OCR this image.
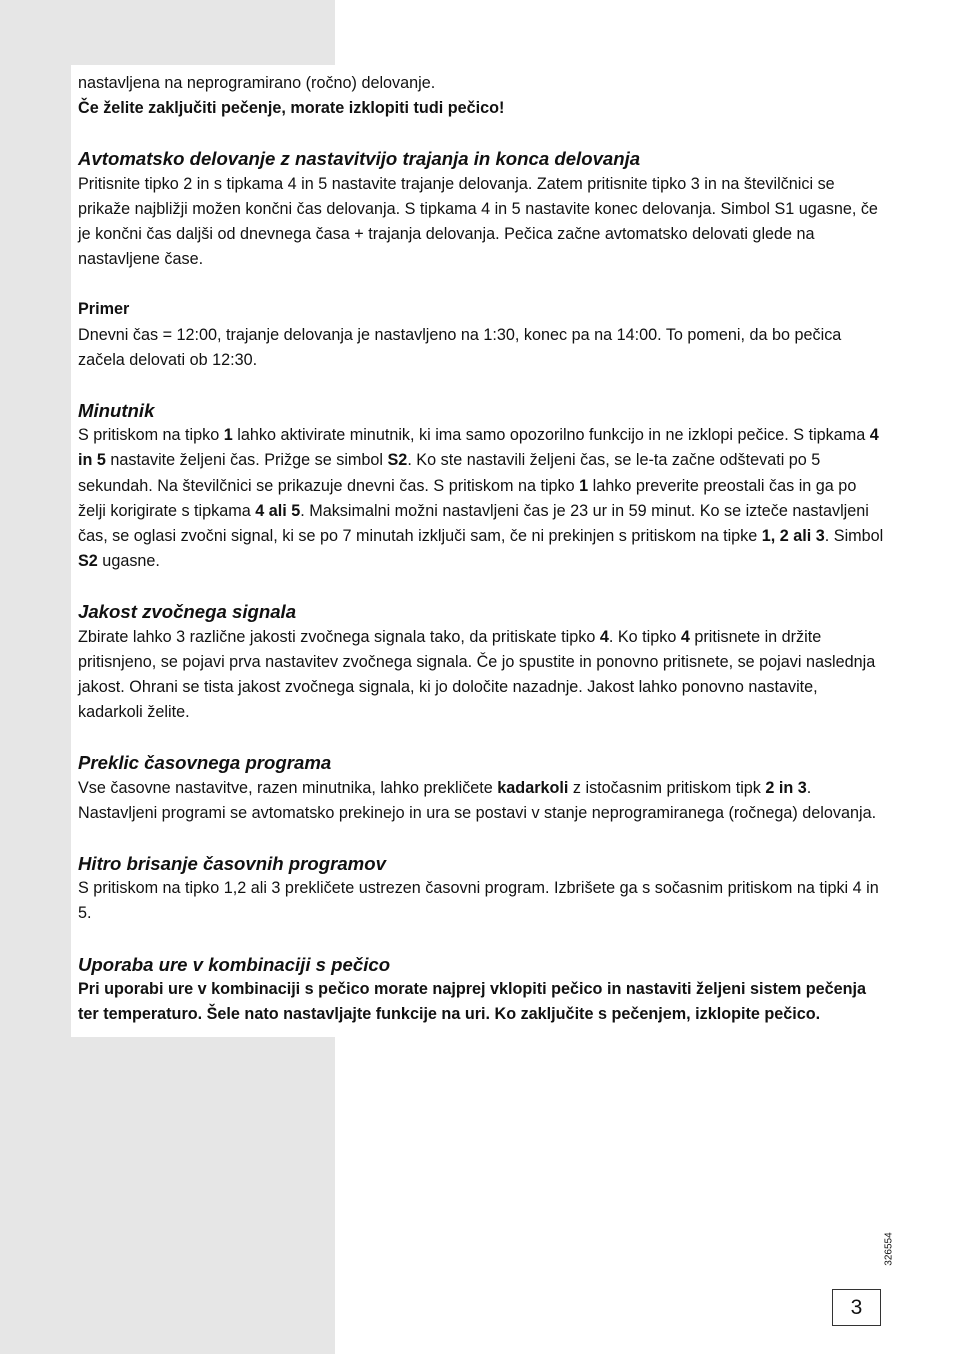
nastavljena na neprogramirano (ročno) delovanje.

Če želite zaključiti pečenje, morate izklopiti tudi pečico!

Avtomatsko delovanje z nastavitvijo trajanja in konca delovanja

Pritisnite tipko 2 in s tipkama 4 in 5 nastavite trajanje delovanja. Zatem pritisnite tipko 3 in na številčnici se prikaže najbližji možen končni čas delovanja. S tipkama 4 in 5 nastavite konec delovanja. Simbol S1 ugasne, če je končni čas daljši od dnevnega časa + trajanja delovanja. Pečica začne avtomatsko delovati glede na nastavljene čase.

Primer

Dnevni čas = 12:00, trajanje delovanja je nastavljeno na 1:30, konec pa na 14:00. To pomeni, da bo pečica začela delovati ob 12:30.

Minutnik

S pritiskom na tipko 1 lahko aktivirate minutnik, ki ima samo opozorilno funkcijo in ne izklopi pečice. S tipkama 4 in 5 nastavite željeni čas. Prižge se simbol S2. Ko ste nastavili željeni čas, se le-ta začne odštevati po 5 sekundah. Na številčnici se prikazuje dnevni čas. S pritiskom na tipko 1 lahko preverite preostali čas in ga po želji korigirate s tipkama 4 ali 5. Maksimalni možni nastavljeni čas je 23 ur in 59 minut. Ko se izteče nastavljeni čas, se oglasi zvočni signal, ki se po 7 minutah izključi sam, če ni prekinjen s pritiskom na tipke 1, 2 ali 3. Simbol S2 ugasne.

Jakost zvočnega signala

Zbirate lahko 3 različne jakosti zvočnega signala tako, da pritiskate tipko 4. Ko tipko 4 pritisnete in držite pritisnjeno, se pojavi prva nastavitev zvočnega signala. Če jo spustite in ponovno pritisnete, se pojavi naslednja jakost. Ohrani se tista jakost zvočnega signala, ki jo določite nazadnje. Jakost lahko ponovno nastavite, kadarkoli želite.

Preklic časovnega programa

Vse časovne nastavitve, razen minutnika, lahko prekličete kadarkoli z istočasnim pritiskom tipk 2 in 3. Nastavljeni programi se avtomatsko prekinejo in ura se postavi v stanje neprogramiranega (ročnega) delovanja.

Hitro brisanje časovnih programov

S pritiskom na tipko 1,2 ali 3 prekličete ustrezen časovni program. Izbrišete ga s sočasnim pritiskom na tipki 4 in 5.

Uporaba ure v kombinaciji s pečico

Pri uporabi ure v kombinaciji s pečico morate najprej vklopiti pečico in nastaviti željeni sistem pečenja ter temperaturo. Šele nato nastavljajte funkcije na uri. Ko zaključite s pečenjem, izklopite pečico.

326554
3
